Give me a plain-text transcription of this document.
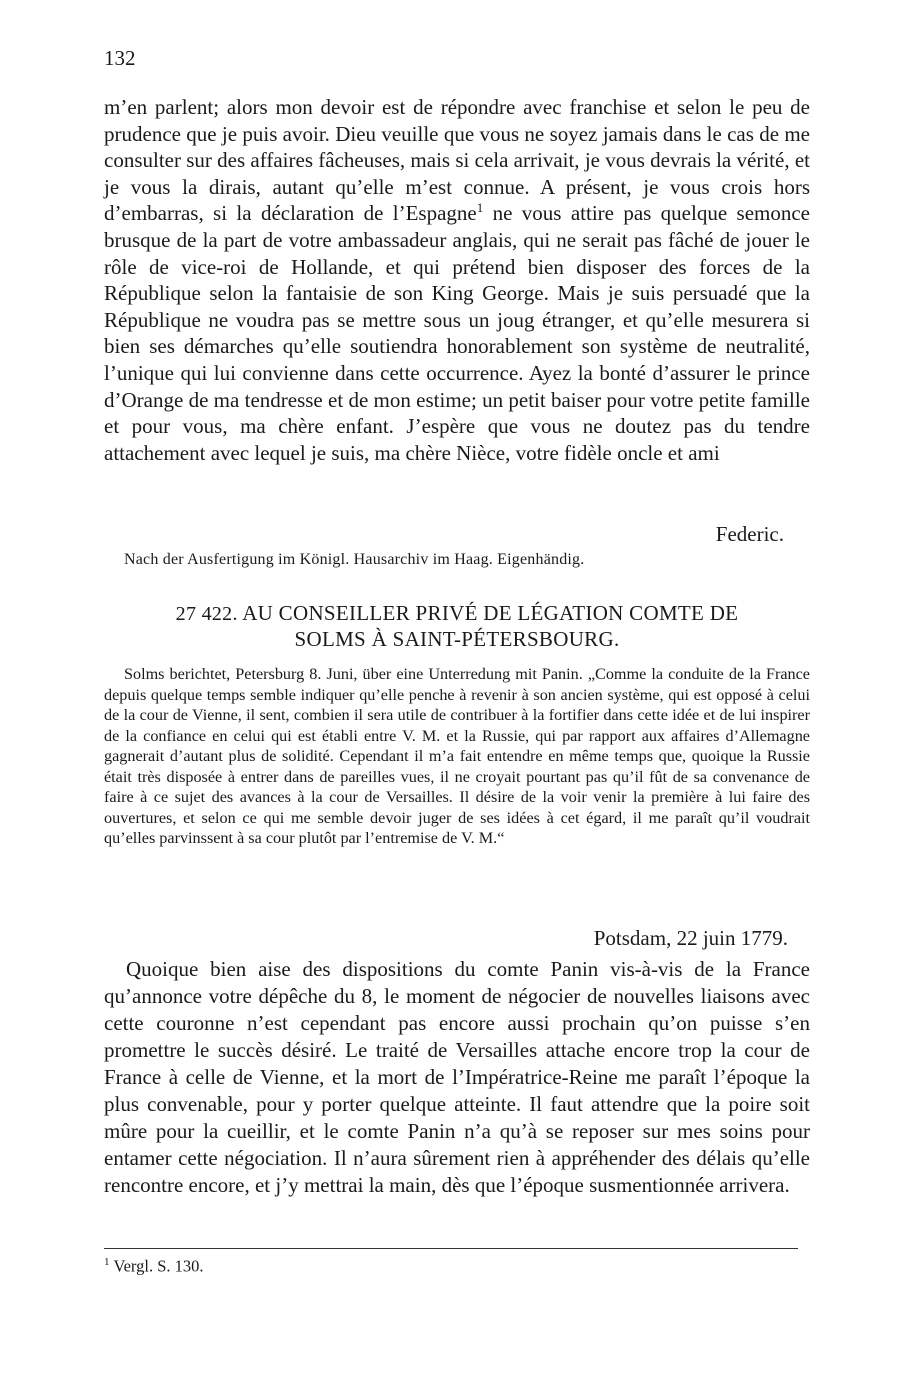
132

m’en parlent; alors mon devoir est de répondre avec franchise et selon le peu de prudence que je puis avoir. Dieu veuille que vous ne soyez jamais dans le cas de me consulter sur des affaires fâcheuses, mais si cela arrivait, je vous devrais la vérité, et je vous la dirais, autant qu’elle m’est connue. A présent, je vous crois hors d’embarras, si la déclaration de l’Espagne$^1$ ne vous attire pas quelque semonce brusque de la part de votre ambassadeur anglais, qui ne serait pas fâché de jouer le rôle de vice-roi de Hollande, et qui prétend bien disposer des forces de la République selon la fantaisie de son King George. Mais je suis persuadé que la République ne voudra pas se mettre sous un joug étranger, et qu’elle mesurera si bien ses démarches qu’elle soutiendra honorablement son système de neutralité, l’unique qui lui convienne dans cette occurrence. Ayez la bonté d’assurer le prince d’Orange de ma tendresse et de mon estime; un petit baiser pour votre petite famille et pour vous, ma chère enfant. J’espère que vous ne doutez pas du tendre attachement avec lequel je suis, ma chère Nièce, votre fidèle oncle et ami

Federic.
Nach der Ausfertigung im Königl. Hausarchiv im Haag. Eigenhändig.
27 422. AU CONSEILLER PRIVÉ DE LÉGATION COMTE DE
SOLMS À SAINT-PÉTERSBOURG.

Solms berichtet, Petersburg 8. Juni, über eine Unterredung mit Panin. „Comme la conduite de la France depuis quelque temps semble indiquer qu’elle penche à revenir à son ancien système, qui est opposé à celui de la cour de Vienne, il sent, combien il sera utile de contribuer à la fortifier dans cette idée et de lui inspirer de la confiance en celui qui est établi entre V. M. et la Russie, qui par rapport aux affaires d’Allemagne gagnerait d’autant plus de solidité. Cependant il m’a fait entendre en même temps que, quoique la Russie était très disposée à entrer dans de pareilles vues, il ne croyait pourtant pas qu’il fût de sa convenance de faire à ce sujet des avances à la cour de Versailles. Il désire de la voir venir la première à lui faire des ouvertures, et selon ce qui me semble devoir juger de ses idées à cet égard, il me paraît qu’il voudrait qu’elles parvinssent à sa cour plutôt par l’entremise de V. M.“

Potsdam, 22 juin 1779.

Quoique bien aise des dispositions du comte Panin vis-à-vis de la France qu’annonce votre dépêche du 8, le moment de négocier de nouvelles liaisons avec cette couronne n’est cependant pas encore aussi prochain qu’on puisse s’en promettre le succès désiré. Le traité de Versailles attache encore trop la cour de France à celle de Vienne, et la mort de l’Impératrice-Reine me paraît l’époque la plus convenable, pour y porter quelque atteinte. Il faut attendre que la poire soit mûre pour la cueillir, et le comte Panin n’a qu’à se reposer sur mes soins pour entamer cette négociation. Il n’aura sûrement rien à appréhender des délais qu’elle rencontre encore, et j’y mettrai la main, dès que l’époque susmentionnée arrivera.

$^1$ Vergl. S. 130.
